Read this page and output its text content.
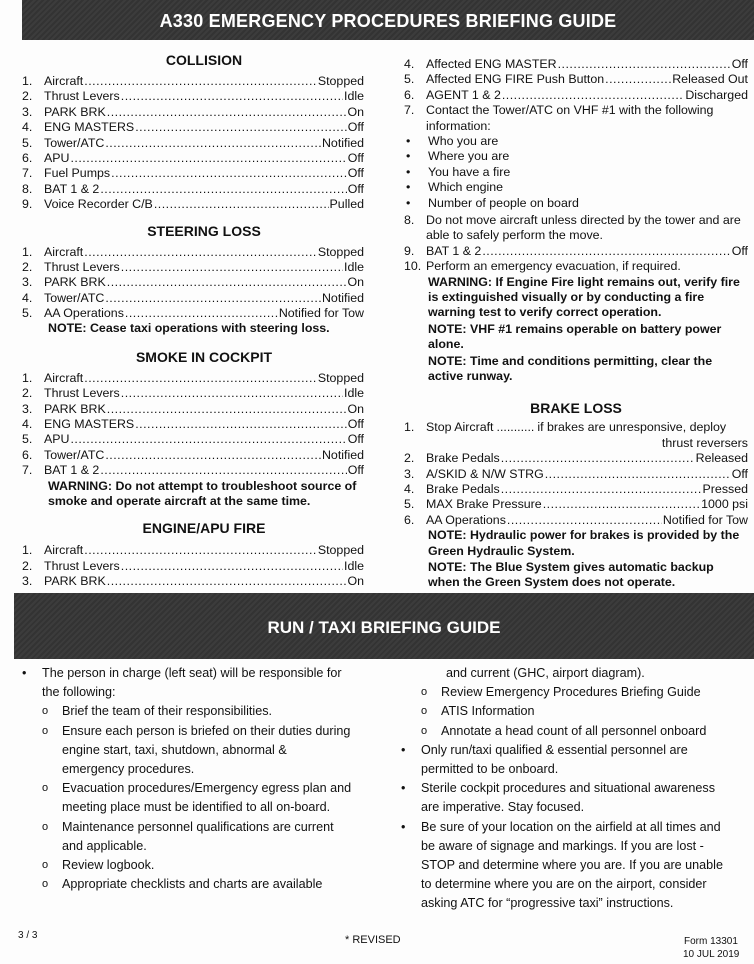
A330 EMERGENCY PROCEDURES BRIEFING GUIDE
COLLISION
1. Aircraft .....	Stopped
2. Thrust Levers .....	Idle
3. PARK BRK .....	On
4. ENG MASTERS .....	Off
5. Tower/ATC .....	Notified
6. APU .....	Off
7. Fuel Pumps .....	Off
8. BAT 1 & 2 .....	Off
9. Voice Recorder C/B .....	Pulled
STEERING LOSS
1. Aircraft .....	Stopped
2. Thrust Levers .....	Idle
3. PARK BRK .....	On
4. Tower/ATC .....	Notified
5. AA Operations .....	Notified for Tow
NOTE: Cease taxi operations with steering loss.
SMOKE IN COCKPIT
1. Aircraft .....	Stopped
2. Thrust Levers .....	Idle
3. PARK BRK .....	On
4. ENG MASTERS .....	Off
5. APU .....	Off
6. Tower/ATC .....	Notified
7. BAT 1 & 2 .....	Off
WARNING: Do not attempt to troubleshoot source of smoke and operate aircraft at the same time.
ENGINE/APU FIRE
1. Aircraft .....	Stopped
2. Thrust Levers .....	Idle
3. PARK BRK .....	On
4. Affected ENG MASTER .....	Off
5. Affected ENG FIRE Push Button .....	Released Out
6. AGENT 1 & 2 .....	Discharged
7. Contact the Tower/ATC on VHF #1 with the following information:
• Who you are
• Where you are
• You have a fire
• Which engine
• Number of people on board
8. Do not move aircraft unless directed by the tower and are able to safely perform the move.
9. BAT 1 & 2 .....	Off
10. Perform an emergency evacuation, if required.
WARNING: If Engine Fire light remains out, verify fire is extinguished visually or by conducting a fire warning test to verify correct operation.
NOTE: VHF #1 remains operable on battery power alone.
NOTE: Time and conditions permitting, clear the active runway.
BRAKE LOSS
1. Stop Aircraft ........... if brakes are unresponsive, deploy
thrust reversers
2. Brake Pedals .....	Released
3. A/SKID & N/W STRG .....	Off
4. Brake Pedals .....	Pressed
5. MAX Brake Pressure .....	1000 psi
6. AA Operations .....	Notified for Tow
NOTE: Hydraulic power for brakes is provided by the Green Hydraulic System.
NOTE: The Blue System gives automatic backup when the Green System does not operate.
RUN / TAXI BRIEFING GUIDE
• The person in charge (left seat) will be responsible for the following:
o Brief the team of their responsibilities.
o Ensure each person is briefed on their duties during engine start, taxi, shutdown, abnormal & emergency procedures.
o Evacuation procedures/Emergency egress plan and meeting place must be identified to all on-board.
o Maintenance personnel qualifications are current and applicable.
o Review logbook.
o Appropriate checklists and charts are available
and current (GHC, airport diagram).
o Review Emergency Procedures Briefing Guide
o ATIS Information
o Annotate a head count of all personnel onboard
• Only run/taxi qualified & essential personnel are permitted to be onboard.
• Sterile cockpit procedures and situational awareness are imperative. Stay focused.
• Be sure of your location on the airfield at all times and be aware of signage and markings. If you are lost - STOP and determine where you are. If you are unable to determine where you are on the airport, consider asking ATC for “progressive taxi” instructions.
3 / 3	* REVISED	Form 13301
10 JUL 2019
